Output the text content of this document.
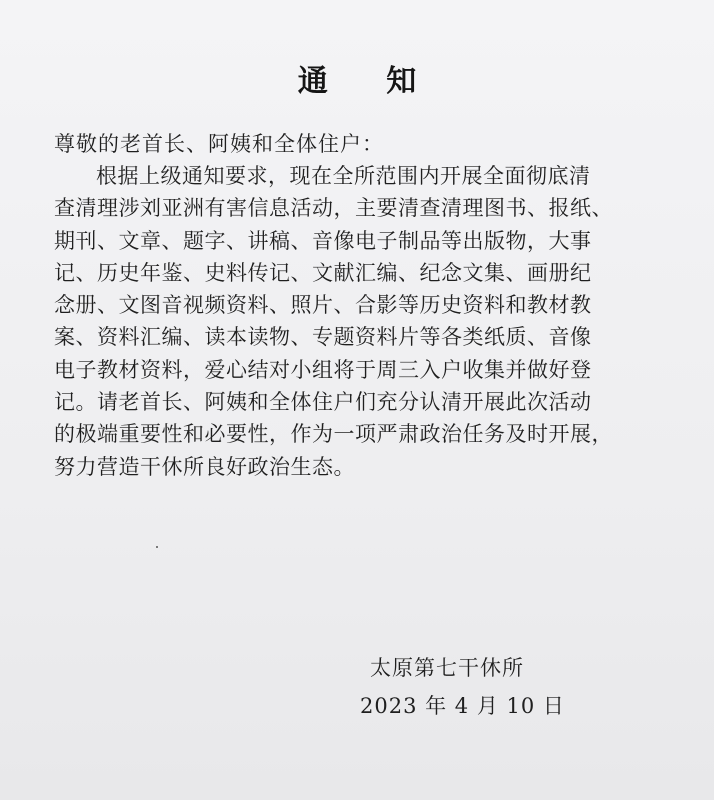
通 知
尊敬的老首长、阿姨和全体住户：
根据上级通知要求，现在全所范围内开展全面彻底清
查清理涉刘亚洲有害信息活动，主要清查清理图书、报纸、
期刊、文章、题字、讲稿、音像电子制品等出版物，大事
记、历史年鉴、史料传记、文献汇编、纪念文集、画册纪
念册、文图音视频资料、照片、合影等历史资料和教材教
案、资料汇编、读本读物、专题资料片等各类纸质、音像
电子教材资料，爱心结对小组将于周三入户收集并做好登
记。请老首长、阿姨和全体住户们充分认清开展此次活动
的极端重要性和必要性，作为一项严肃政治任务及时开展，
努力营造干休所良好政治生态。
太原第七干休所
2023 年 4 月 10 日
